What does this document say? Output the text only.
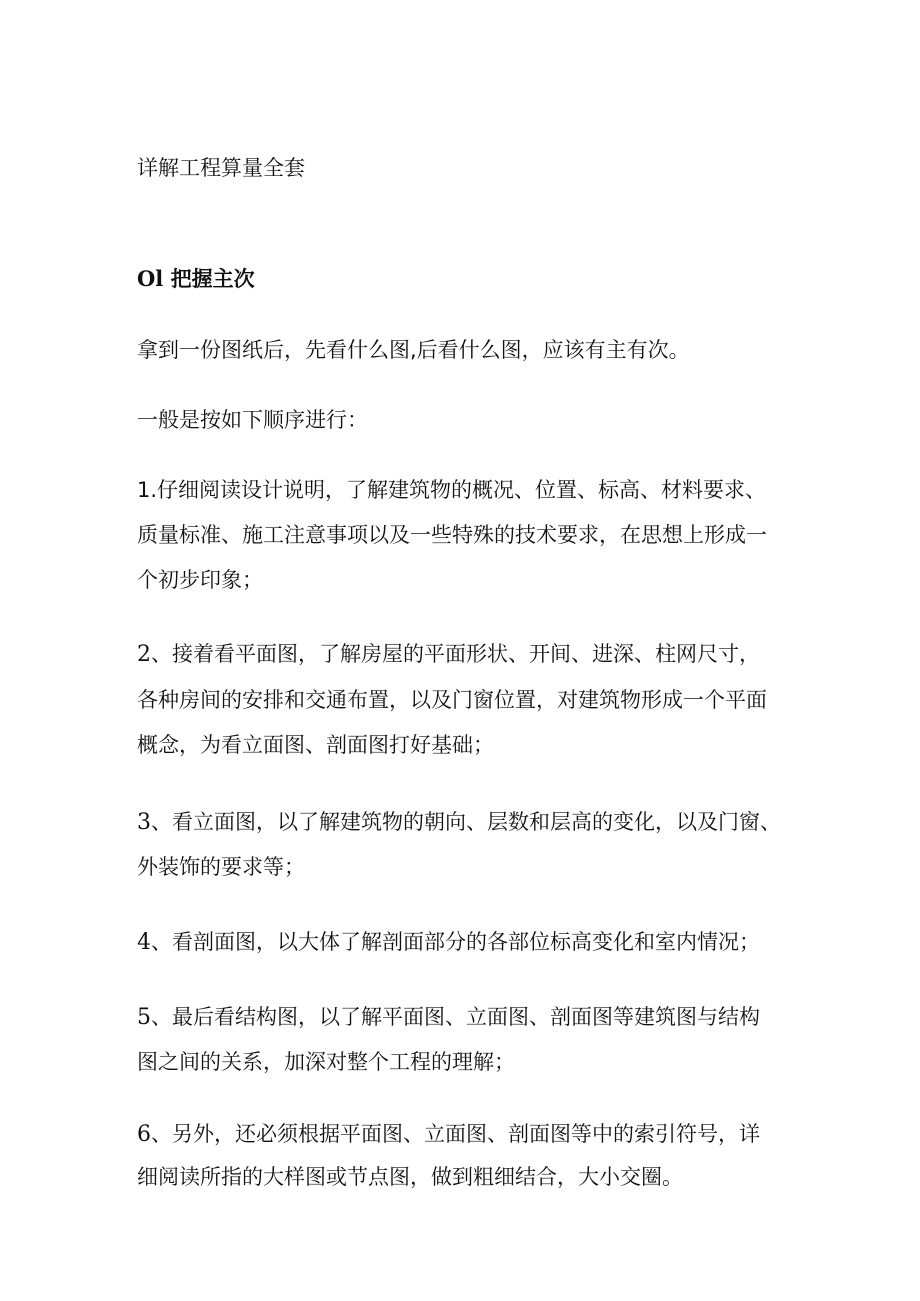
详解工程算量全套
Ol 把握主次
拿到一份图纸后，先看什么图,后看什么图，应该有主有次。
一般是按如下顺序进行：
1.仔细阅读设计说明，了解建筑物的概况、位置、标高、材料要求、
质量标准、施工注意事项以及一些特殊的技术要求，在思想上形成一
个初步印象；
2、接着看平面图，了解房屋的平面形状、开间、进深、柱网尺寸，
各种房间的安排和交通布置，以及门窗位置，对建筑物形成一个平面
概念，为看立面图、剖面图打好基础；
3、看立面图，以了解建筑物的朝向、层数和层高的变化，以及门窗、
外装饰的要求等；
4、看剖面图，以大体了解剖面部分的各部位标高变化和室内情况；
5、最后看结构图，以了解平面图、立面图、剖面图等建筑图与结构
图之间的关系，加深对整个工程的理解；
6、另外，还必须根据平面图、立面图、剖面图等中的索引符号，详
细阅读所指的大样图或节点图，做到粗细结合，大小交圈。
